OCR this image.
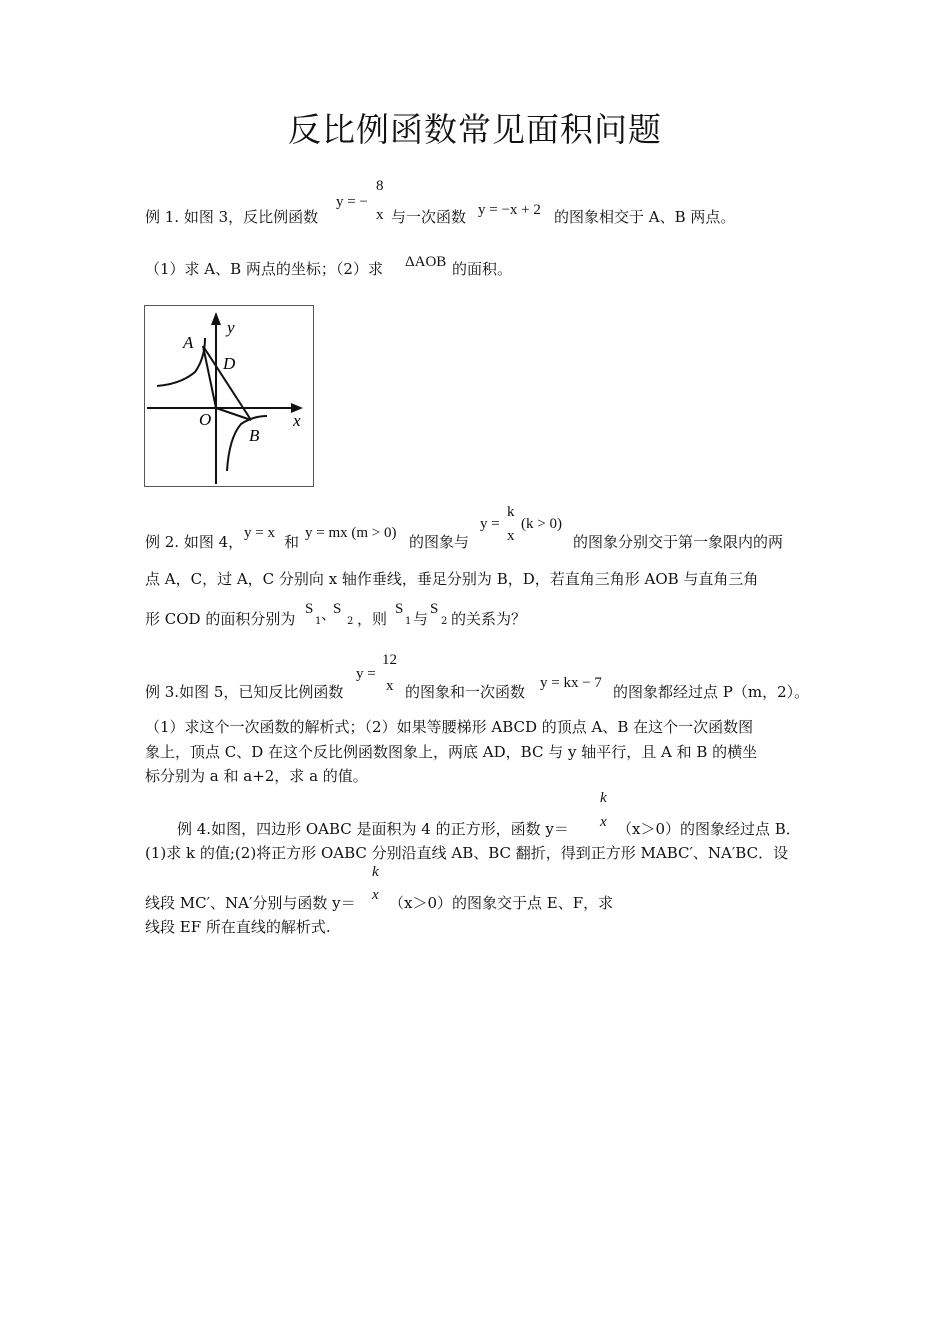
反比例函数常见面积问题
例 1. 如图 3，反比例函数
y = −
8
x 与一次函数 y = −x + 2 的图象相交于 A、B 两点。
（1）求 A、B 两点的坐标；（2）求 ΔAOB 的面积。
A
D
O
B
x
y
例 2. 如图 4， y = x 和 y = mx (m > 0) 的图象与
y =
k
x
(k > 0)
的图象分别交于第一象限内的两
点 A，C，过 A，C 分别向 x 轴作垂线，垂足分别为 B，D，若直角三角形 AOB 与直角三角
形 COD 的面积分别为
S
1 、
S
2 ，则
S
1 与
S
2 的关系为？
例 3.如图 5，已知反比例函数
y =
12
x 的图象和一次函数 y = kx − 7 的图象都经过点 P（m，2）。
（1）求这个一次函数的解析式；（2）如果等腰梯形 ABCD 的顶点 A、B 在这个一次函数图
象上，顶点 C、D 在这个反比例函数图象上，两底 AD，BC 与 y 轴平行，且 A 和 B 的横坐
标分别为 a 和 a+2，求 a 的值。
k
例 4.如图，四边形 OABC 是面积为 4 的正方形，函数 y＝ x （x＞0）的图象经过点 B．
(1)求 k 的值;(2)将正方形 OABC 分别沿直线 AB、BC 翻折，得到正方形 MABC′、NA′BC．设
k
线段 MC′、NA′分别与函数 y＝ x （x＞0）的图象交于点 E、F，求
线段 EF 所在直线的解析式.
